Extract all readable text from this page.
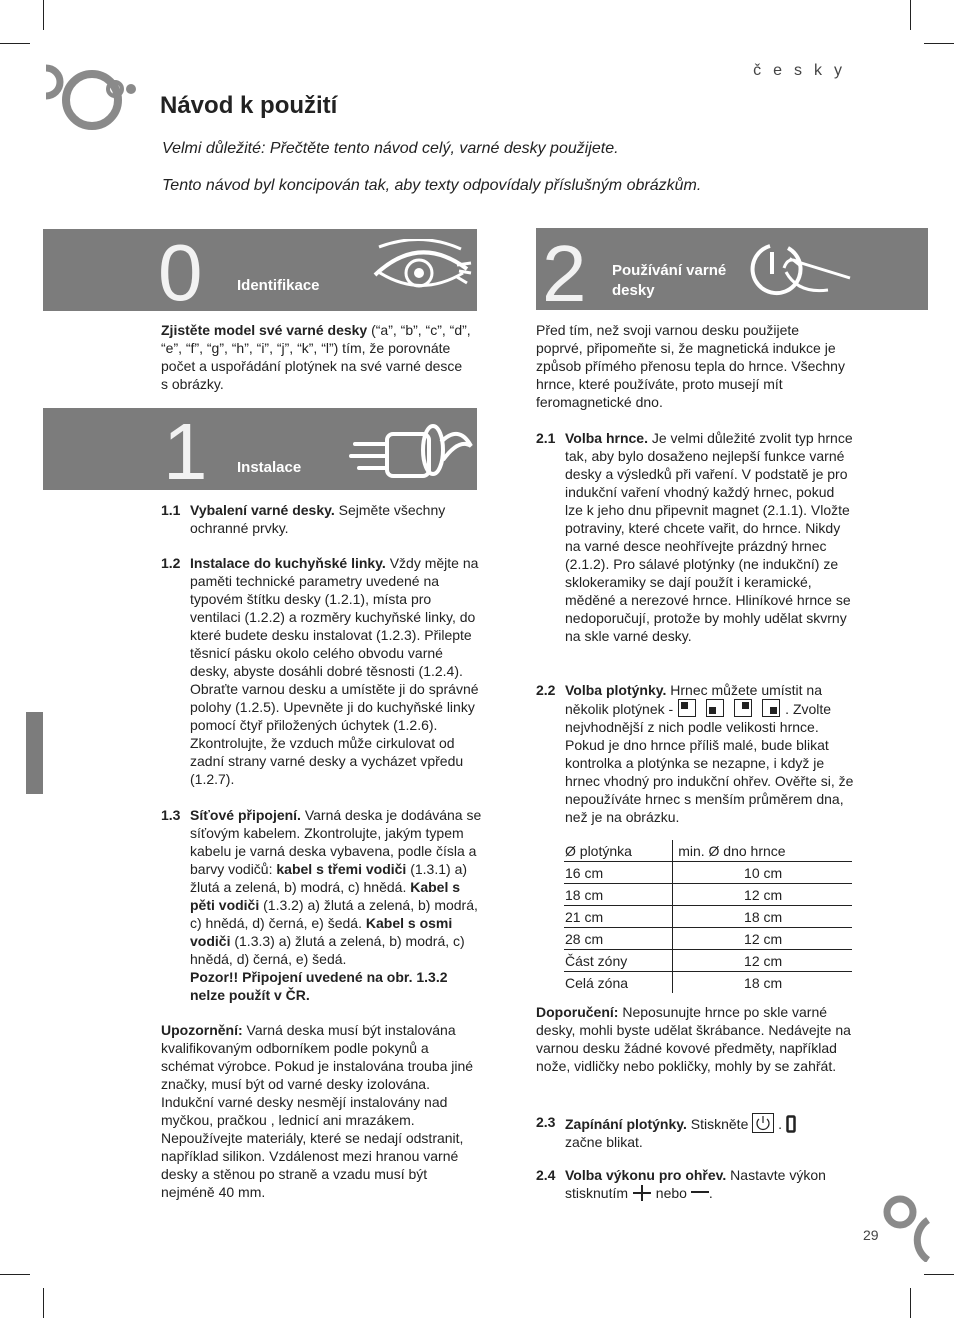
česky
Návod k použití
Velmi důležité: Přečtěte tento návod celý, varné desky použijete.
Tento návod byl koncipován tak, aby texty odpovídaly příslušným obrázkům.
0 Identifikace
Zjistěte model své varné desky (“a”, “b”, “c”, “d”, “e”, “f”, “g”, “h”, “i”, “j”, “k”, “l”) tím, že porovnáte počet a uspořádání plotýnek na své varné desce s obrázky.
1 Instalace
1.1 Vybalení varné desky. Sejměte všechny ochranné prvky.
1.2 Instalace do kuchyňské linky. Vždy mějte na paměti technické parametry uvedené na typovém štítku desky (1.2.1), místa pro ventilaci (1.2.2) a rozměry kuchyňské linky, do které budete desku instalovat (1.2.3). Přilepte těsnicí pásku okolo celého obvodu varné desky, abyste dosáhli dobré těsnosti (1.2.4). Obraťte varnou desku a umístěte ji do správné polohy (1.2.5). Upevněte ji do kuchyňské linky pomocí čtyř přiložených úchytek (1.2.6). Zkontrolujte, že vzduch může cirkulovat od zadní strany varné desky a vycházet vpředu (1.2.7).
1.3 Síťové připojení. Varná deska je dodávána se síťovým kabelem. Zkontrolujte, jakým typem kabelu je varná deska vybavena, podle čísla a barvy vodičů: kabel s třemi vodiči (1.3.1) a) žlutá a zelená, b) modrá, c) hnědá. Kabel s pěti vodiči (1.3.2) a) žlutá a zelená, b) modrá, c) hnědá, d) černá, e) šedá. Kabel s osmi vodiči (1.3.3) a) žlutá a zelená, b) modrá, c) hnědá, d) černá, e) šedá.
Pozor!! Připojení uvedené na obr. 1.3.2 nelze použít v ČR.
Upozornění: Varná deska musí být instalována kvalifikovaným odborníkem podle pokynů a schémat výrobce. Pokud je instalována trouba jiné značky, musí být od varné desky izolována. Indukční varné desky nesmějí instalovány nad myčkou, pračkou , lednicí ani mrazákem. Nepoužívejte materiály, které se nedají odstranit, například silikon. Vzdálenost mezi hranou varné desky a stěnou po straně a vzadu musí být nejméně 40 mm.
2 Používání varné
desky
Před tím, než svoji varnou desku použijete poprvé, připomeňte si, že magnetická indukce je způsob přímého přenosu tepla do hrnce. Všechny hrnce, které používáte, proto musejí mít feromagnetické dno.
2.1 Volba hrnce. Je velmi důležité zvolit typ hrnce tak, aby bylo dosaženo nejlepší funkce varné desky a výsledků při vaření. V podstatě je pro indukční vaření vhodný každý hrnec, pokud lze k jeho dnu připevnit magnet (2.1.1). Vložte potraviny, které chcete vařit, do hrnce. Nikdy na varné desce neohřívejte prázdný hrnec (2.1.2). Pro sálavé plotýnky (ne indukční) ze sklokeramiky se dají použít i keramické, měděné a nerezové hrnce. Hliníkové hrnce se nedoporučují, protože by mohly udělat skvrny na skle varné desky.
2.2 Volba plotýnky. Hrnec můžete umístit na několik plotýnek -	. Zvolte nejvhodnější z nich podle velikosti hrnce. Pokud je dno hrnce příliš malé, bude blikat kontrolka a plotýnka se nezapne, i když je hrnec vhodný pro indukční ohřev. Ověřte si, že nepoužíváte hrnec s menším průměrem dna, než je na obrázku.
Ø plotýnka	min. Ø dno hrnce
16 cm	10 cm
18 cm	12 cm
21 cm	18 cm
28 cm	12 cm
Část zóny	12 cm
Celá zóna	18 cm
Doporučení: Neposunujte hrnce po skle varné desky, mohli byste udělat škrábance. Nedávejte na varnou desku žádné kovové předměty, například nože, vidličky nebo pokličky, mohly by se zahřát.
2.3 Zapínání plotýnky. Stiskněte  .
začne blikat.
2.4 Volba výkonu pro ohřev. Nastavte výkon stisknutím  nebo .
29
